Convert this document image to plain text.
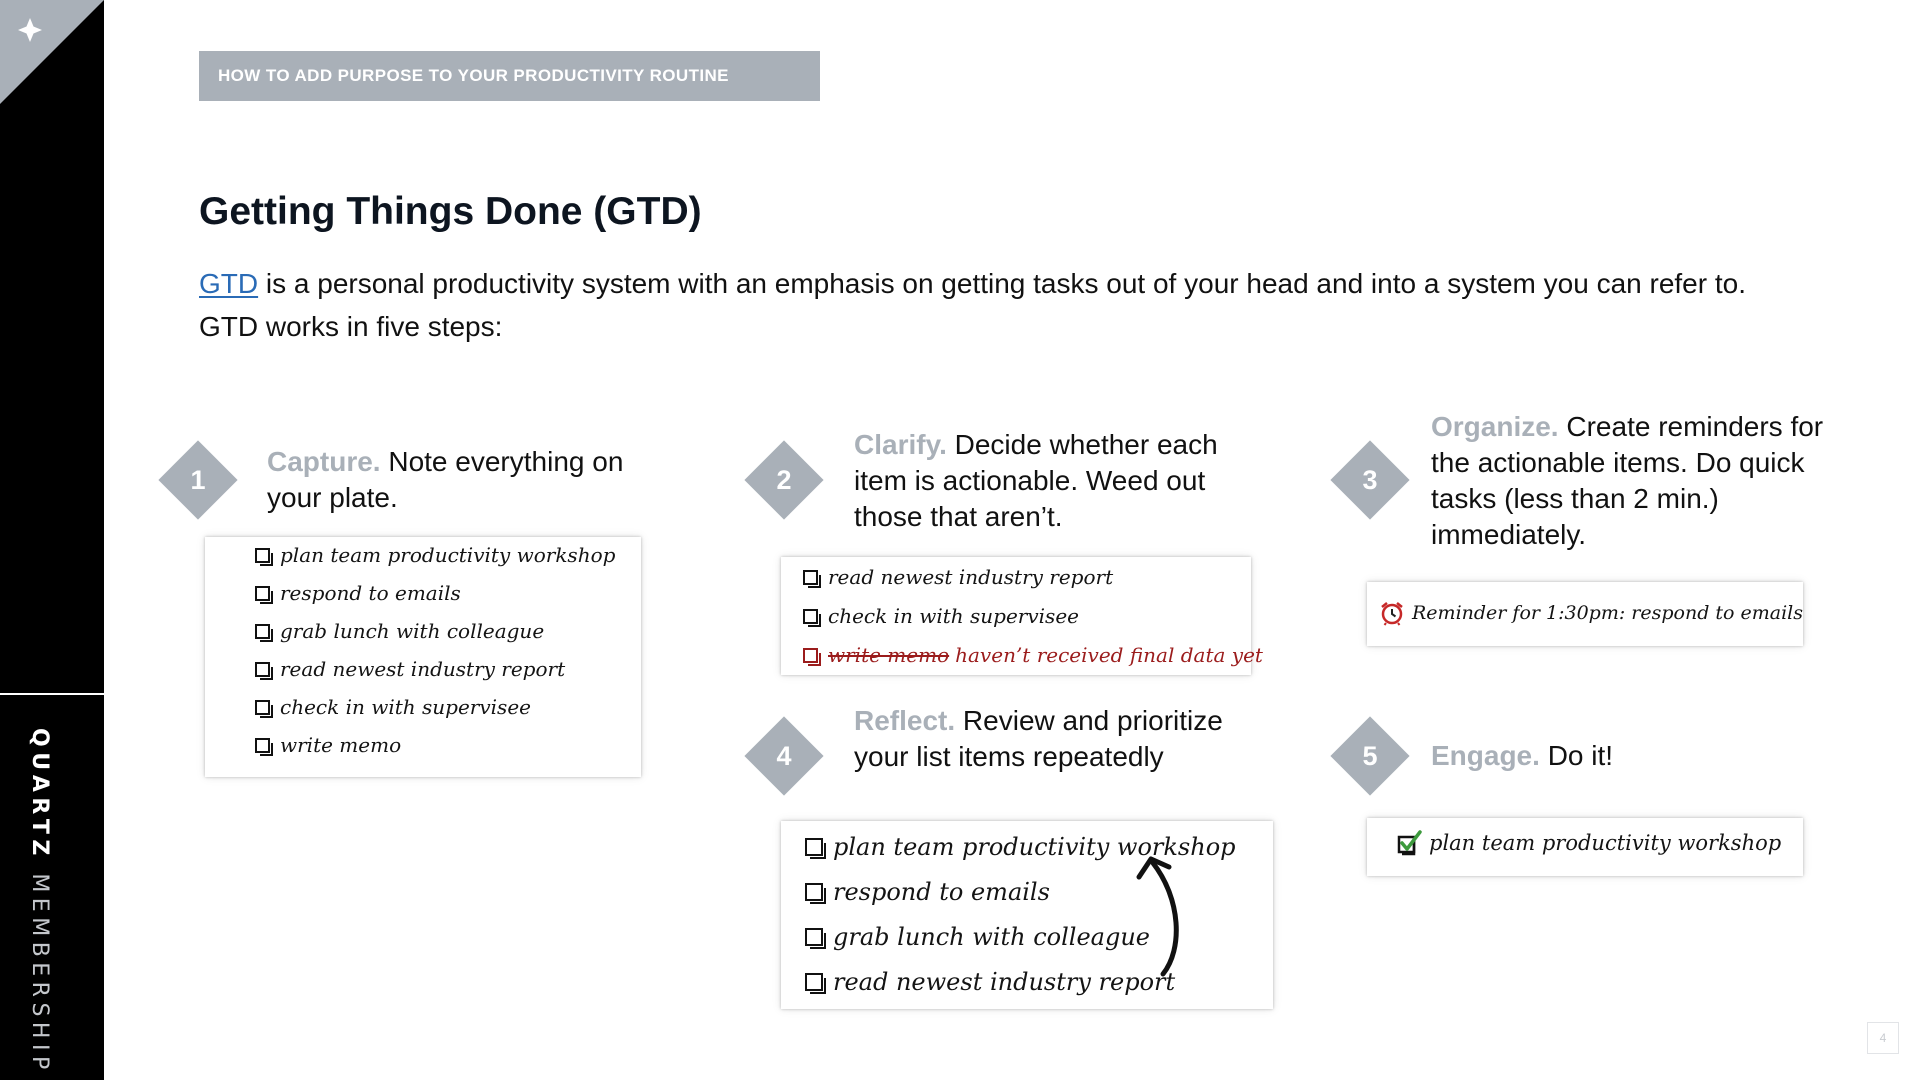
QUARTZ MEMBERSHIP
HOW TO ADD PURPOSE TO YOUR PRODUCTIVITY ROUTINE
Getting Things Done (GTD)

GTD is a personal productivity system with an emphasis on getting tasks out of your head and into a system you can refer to. GTD works in five steps:

1
Capture. Note everything on your plate.
plan team productivity workshop
respond to emails
grab lunch with colleague
read newest industry report
check in with supervisee
write memo
2
Clarify. Decide whether each item is actionable. Weed out those that aren’t.
read newest industry report
check in with supervisee
write memo haven’t received final data yet
3
Organize. Create reminders for the actionable items. Do quick tasks (less than 2 min.) immediately.
Reminder for 1:30pm: respond to emails
4
Reflect. Review and prioritize your list items repeatedly
plan team productivity workshop
respond to emails
grab lunch with colleague
read newest industry report
5	Engage. Do it!
plan team productivity workshop
4
